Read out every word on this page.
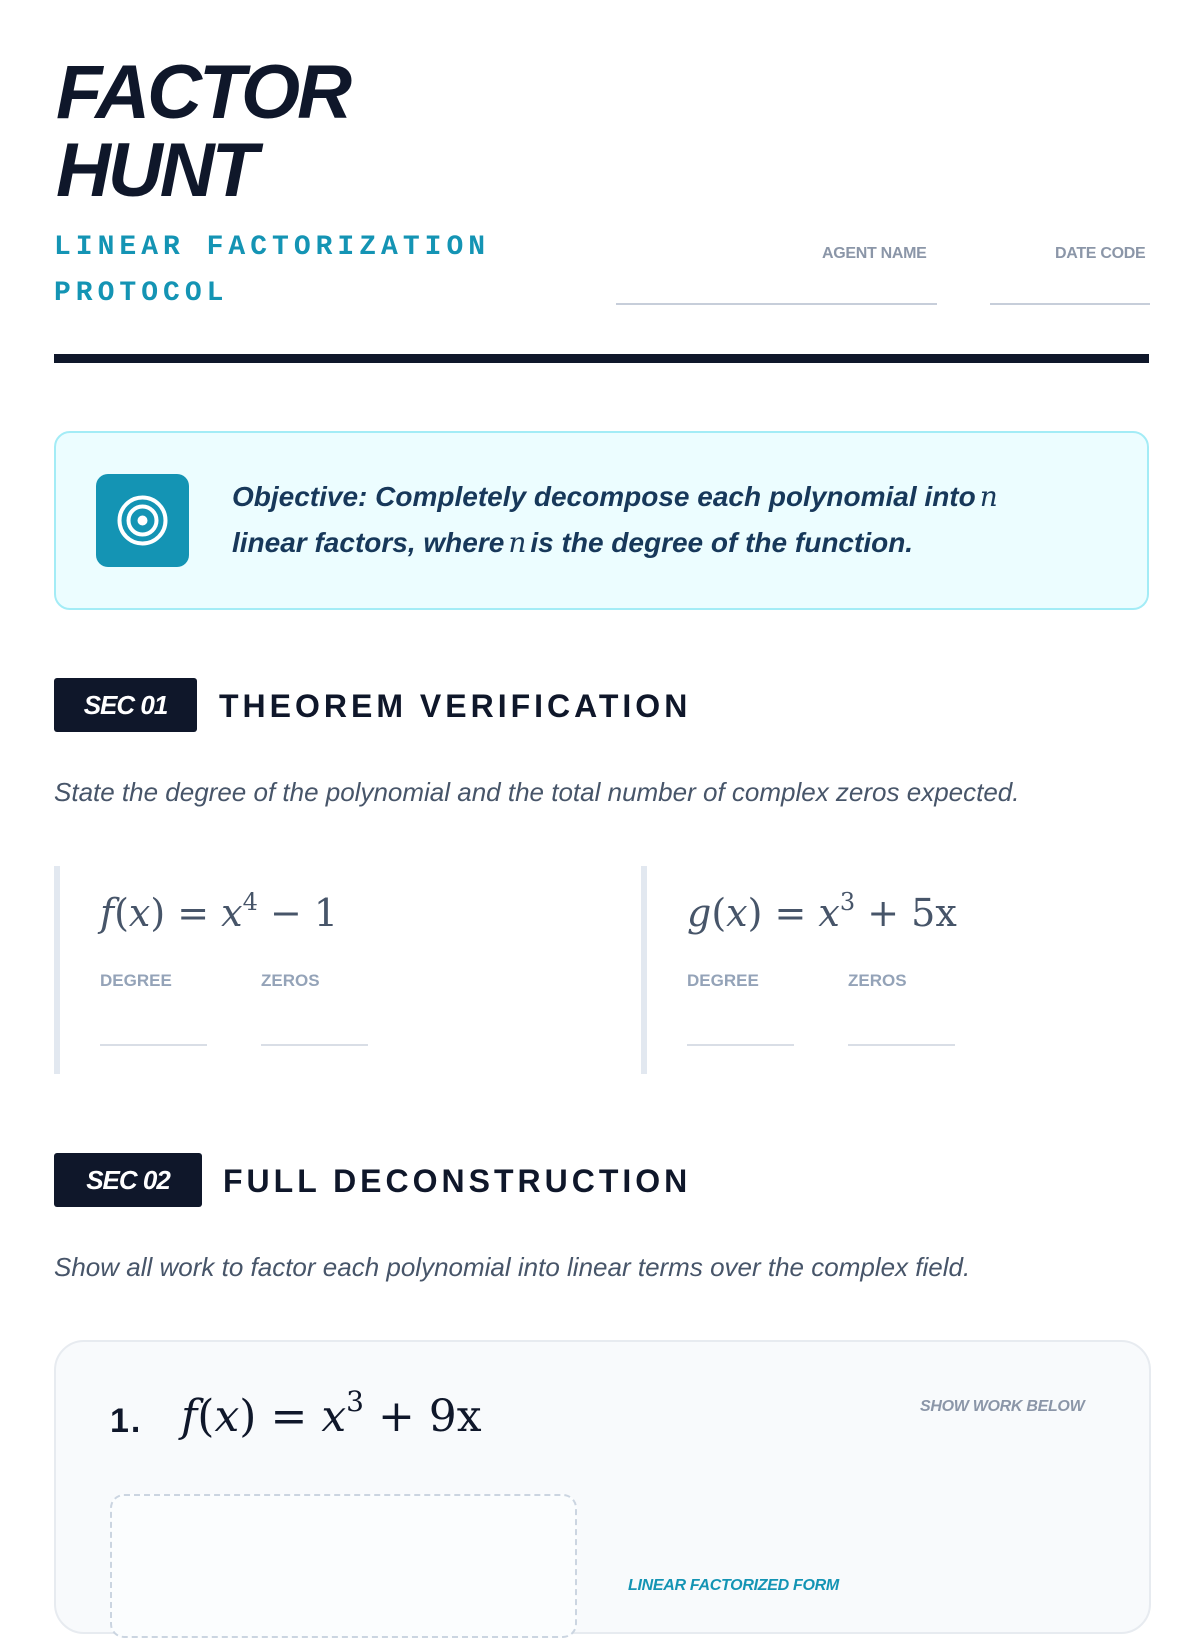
FACTOR
HUNT
LINEAR FACTORIZATION
PROTOCOL
AGENT NAME	DATE CODE
Objective: Completely decompose each polynomial into n
linear factors, where n is the degree of the function.
SEC 01	THEOREM VERIFICATION
State the degree of the polynomial and the total number of complex zeros expected.
$f(x) = x^4 - 1$
DEGREE	ZEROS
$g(x) = x^3 + 5x$
DEGREE	ZEROS
SEC 02	FULL DECONSTRUCTION
Show all work to factor each polynomial into linear terms over the complex field.
1. $f(x) = x^3 + 9x$	SHOW WORK BELOW
LINEAR FACTORIZED FORM
